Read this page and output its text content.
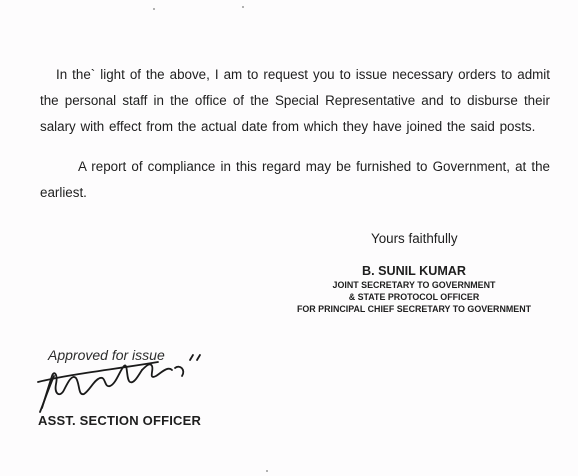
In the` light of the above, I am to request you to issue necessary orders to admit the personal staff in the office of the Special Representative and to disburse their salary with effect from the actual date from which they have joined the said posts.

A report of compliance in this regard may be furnished to Government, at the earliest.

Yours faithfully
B. SUNIL KUMAR
JOINT SECRETARY TO GOVERNMENT
& STATE PROTOCOL OFFICER
FOR PRINCIPAL CHIEF SECRETARY TO GOVERNMENT
Approved for issue
ASST. SECTION OFFICER
